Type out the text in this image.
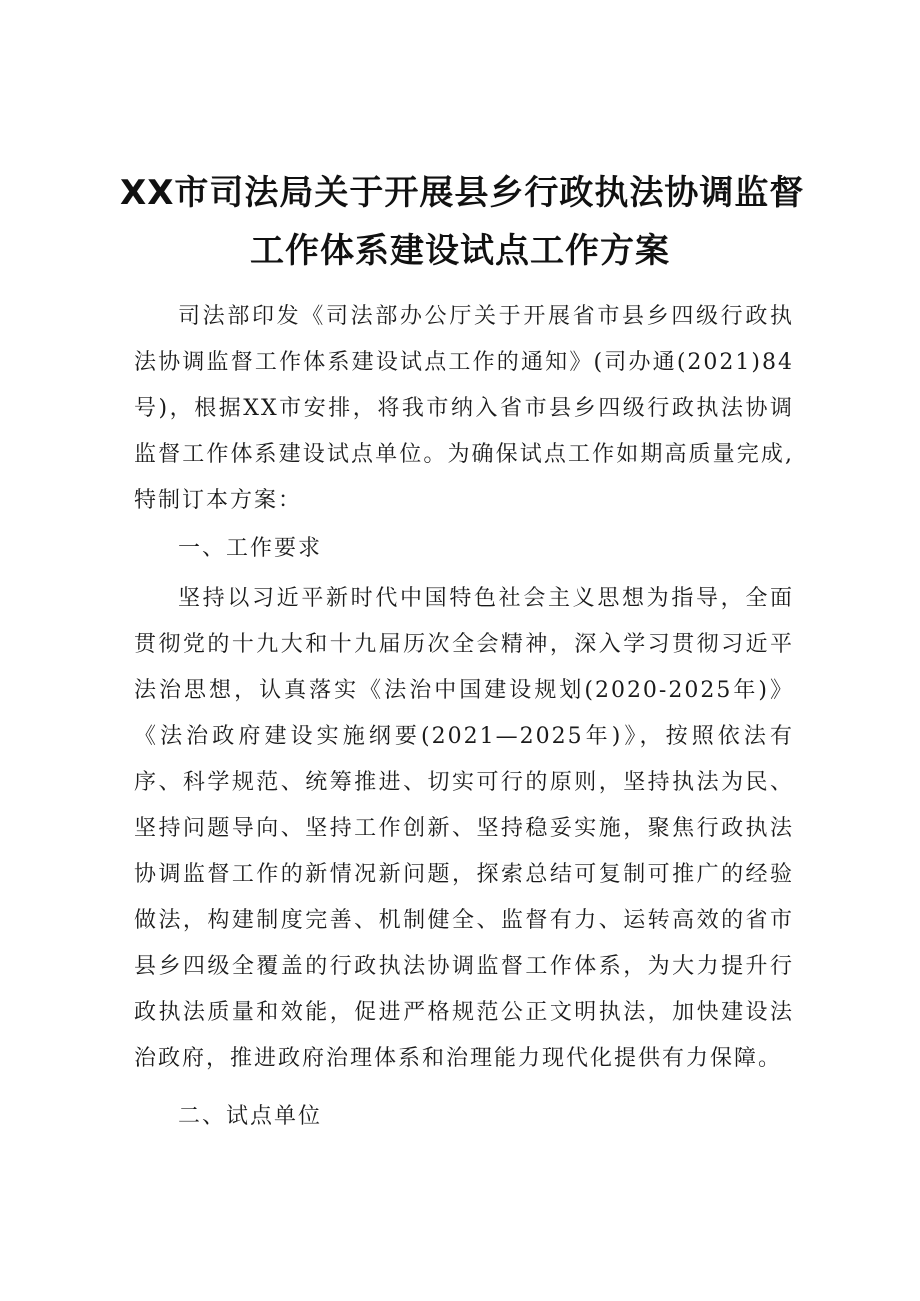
XX市司法局关于开展县乡行政执法协调监督
工作体系建设试点工作方案

司法部印发《司法部办公厅关于开展省市县乡四级行政执法协调监督工作体系建设试点工作的通知》(司办通(2021)84号)，根据XX市安排，将我市纳入省市县乡四级行政执法协调监督工作体系建设试点单位。为确保试点工作如期高质量完成,特制订本方案：

一、工作要求

坚持以习近平新时代中国特色社会主义思想为指导，全面贯彻党的十九大和十九届历次全会精神，深入学习贯彻习近平法治思想，认真落实《法治中国建设规划(2020-2025年)》《法治政府建设实施纲要(2021—2025年)》，按照依法有序、科学规范、统筹推进、切实可行的原则，坚持执法为民、坚持问题导向、坚持工作创新、坚持稳妥实施，聚焦行政执法协调监督工作的新情况新问题，探索总结可复制可推广的经验做法，构建制度完善、机制健全、监督有力、运转高效的省市县乡四级全覆盖的行政执法协调监督工作体系，为大力提升行政执法质量和效能，促进严格规范公正文明执法，加快建设法治政府，推进政府治理体系和治理能力现代化提供有力保障。

二、试点单位
